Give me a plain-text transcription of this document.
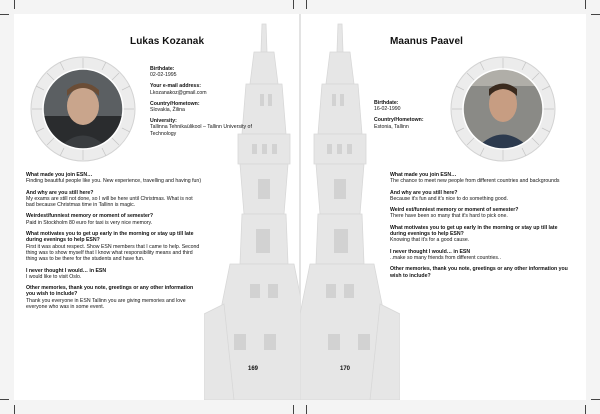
Lukas Kozanak
Birthdate:
02-02-1995
Your e-mail address:
Lkozanakoz@gmail.com
Country/Hometown:
Slovakia, Žilina
University:
Tallinna Tehnikaülikool – Tallinn University of Technology
What made you join ESN…
Finding beautiful people like you. New experience, travelling and having fun)
And why are you still here?
My exams are still not done, so I will be here until Christmas. What is not bad because Christmas time in Tallinn is magic.
Weirdest/funniest memory or moment of semester?
Paid in Stockholm 80 euro for taxi is very nice memory.
What motivates you to get up early in the morning or stay up till late during evenings to help ESN?
First it was about respect. Show ESN members that I came to help. Second thing was to show myself that I know what responsibility means and third thing was to be there for the students and have fun.
I never thought I would… in ESN
I would like to visit Oslo.
Other memories, thank you note, greetings or any other information you wish to include?
Thank you everyone in ESN Tallinn you are giving memories and love everyone who was in some event.
169
Maanus Paavel
Birthdate:
16-02-1990
Country/Hometown:
Estonia, Tallinn
What made you join ESN…
The chance to meet new people from different countries and backgrounds
And why are you still here?
Because it's fun and it's nice to do something good.
Weird est/funniest memory or moment of semester?
There have been so many that it's hard to pick one.
What motivates you to get up early in the morning or stay up till late during evenings to help ESN?
Knowing that it's for a good cause.
I never thought I would… in ESN
..make so many friends from different countries..
Other memories, thank you note, greetings or any other information you wish to include?
170
